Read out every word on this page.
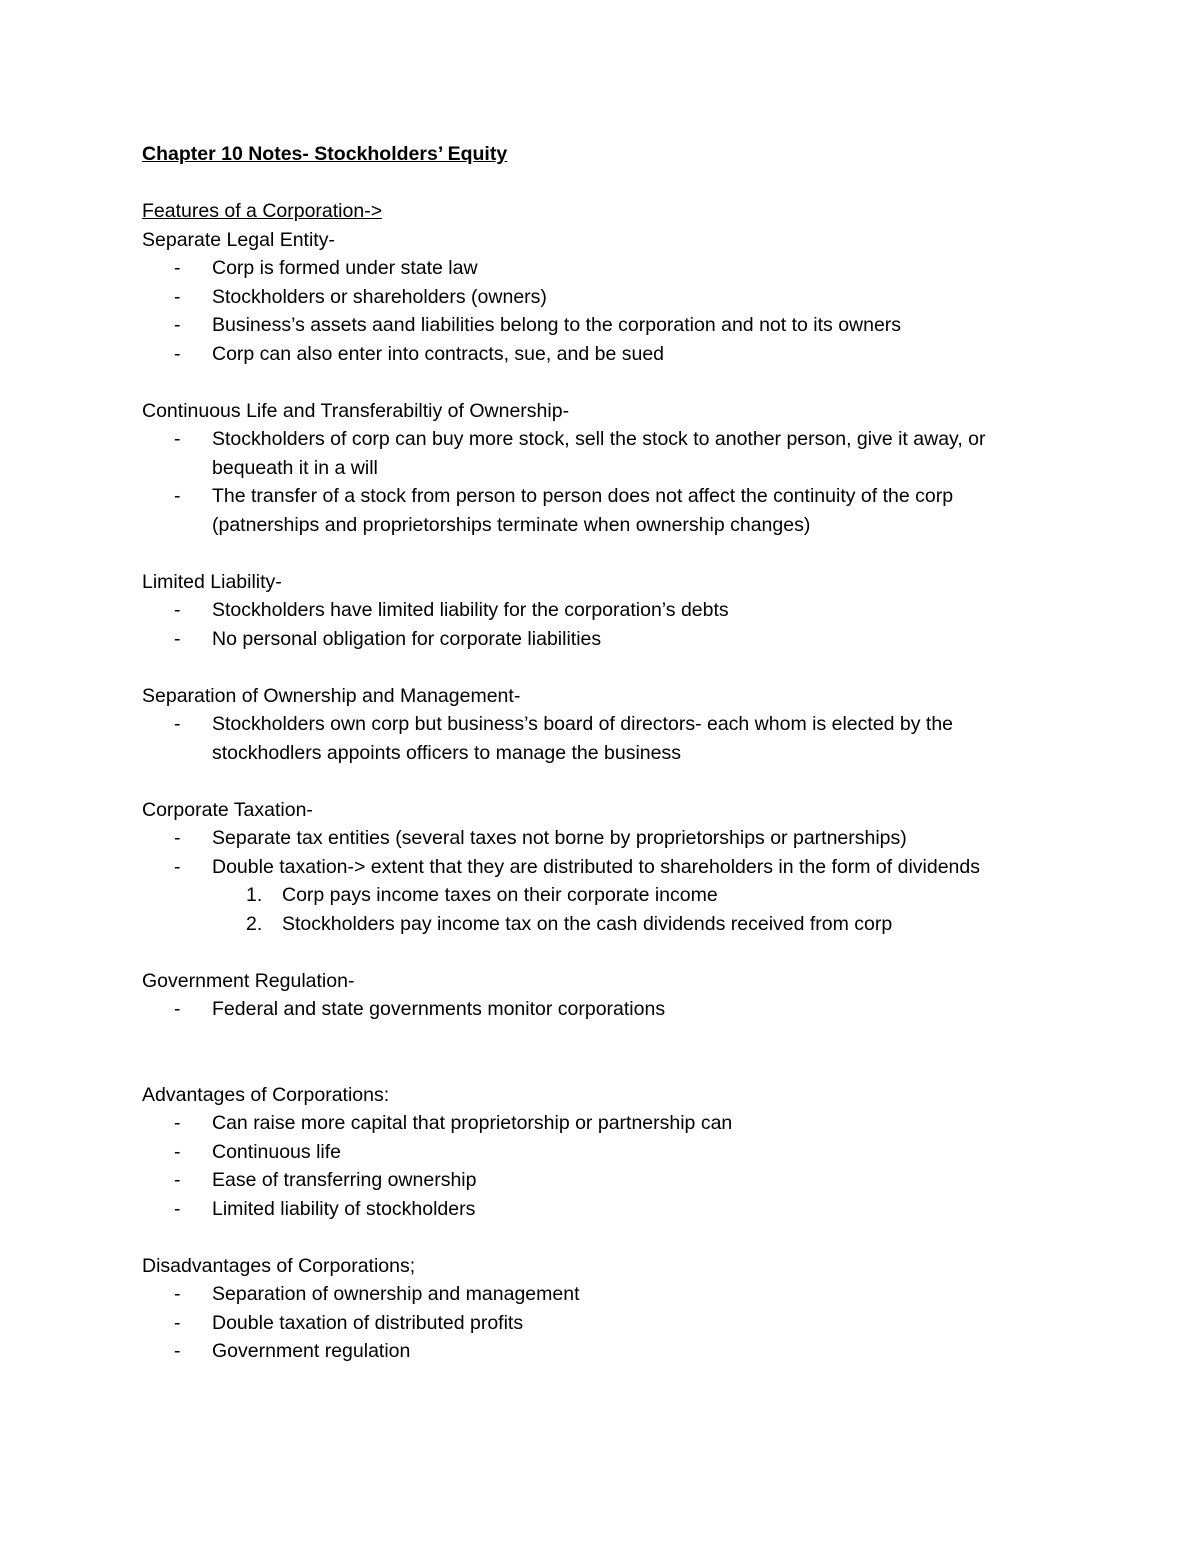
Chapter 10 Notes- Stockholders’ Equity

Features of a Corporation->

Separate Legal Entity-

- Corp is formed under state law
- Stockholders or shareholders (owners)
- Business’s assets aand liabilities belong to the corporation and not to its owners
- Corp can also enter into contracts, sue, and be sued

Continuous Life and Transferabiltiy of Ownership-

- Stockholders of corp can buy more stock, sell the stock to another person, give it away, or bequeath it in a will
- The transfer of a stock from person to person does not affect the continuity of the corp (patnerships and proprietorships terminate when ownership changes)

Limited Liability-

- Stockholders have limited liability for the corporation’s debts
- No personal obligation for corporate liabilities

Separation of Ownership and Management-

- Stockholders own corp but business’s board of directors- each whom is elected by the stockhodlers appoints officers to manage the business

Corporate Taxation-

- Separate tax entities (several taxes not borne by proprietorships or partnerships)
- Double taxation-> extent that they are distributed to shareholders in the form of dividends
1. Corp pays income taxes on their corporate income
2. Stockholders pay income tax on the cash dividends received from corp

Government Regulation-

- Federal and state governments monitor corporations

Advantages of Corporations:

- Can raise more capital that proprietorship or partnership can
- Continuous life
- Ease of transferring ownership
- Limited liability of stockholders

Disadvantages of Corporations;

- Separation of ownership and management
- Double taxation of distributed profits
- Government regulation
